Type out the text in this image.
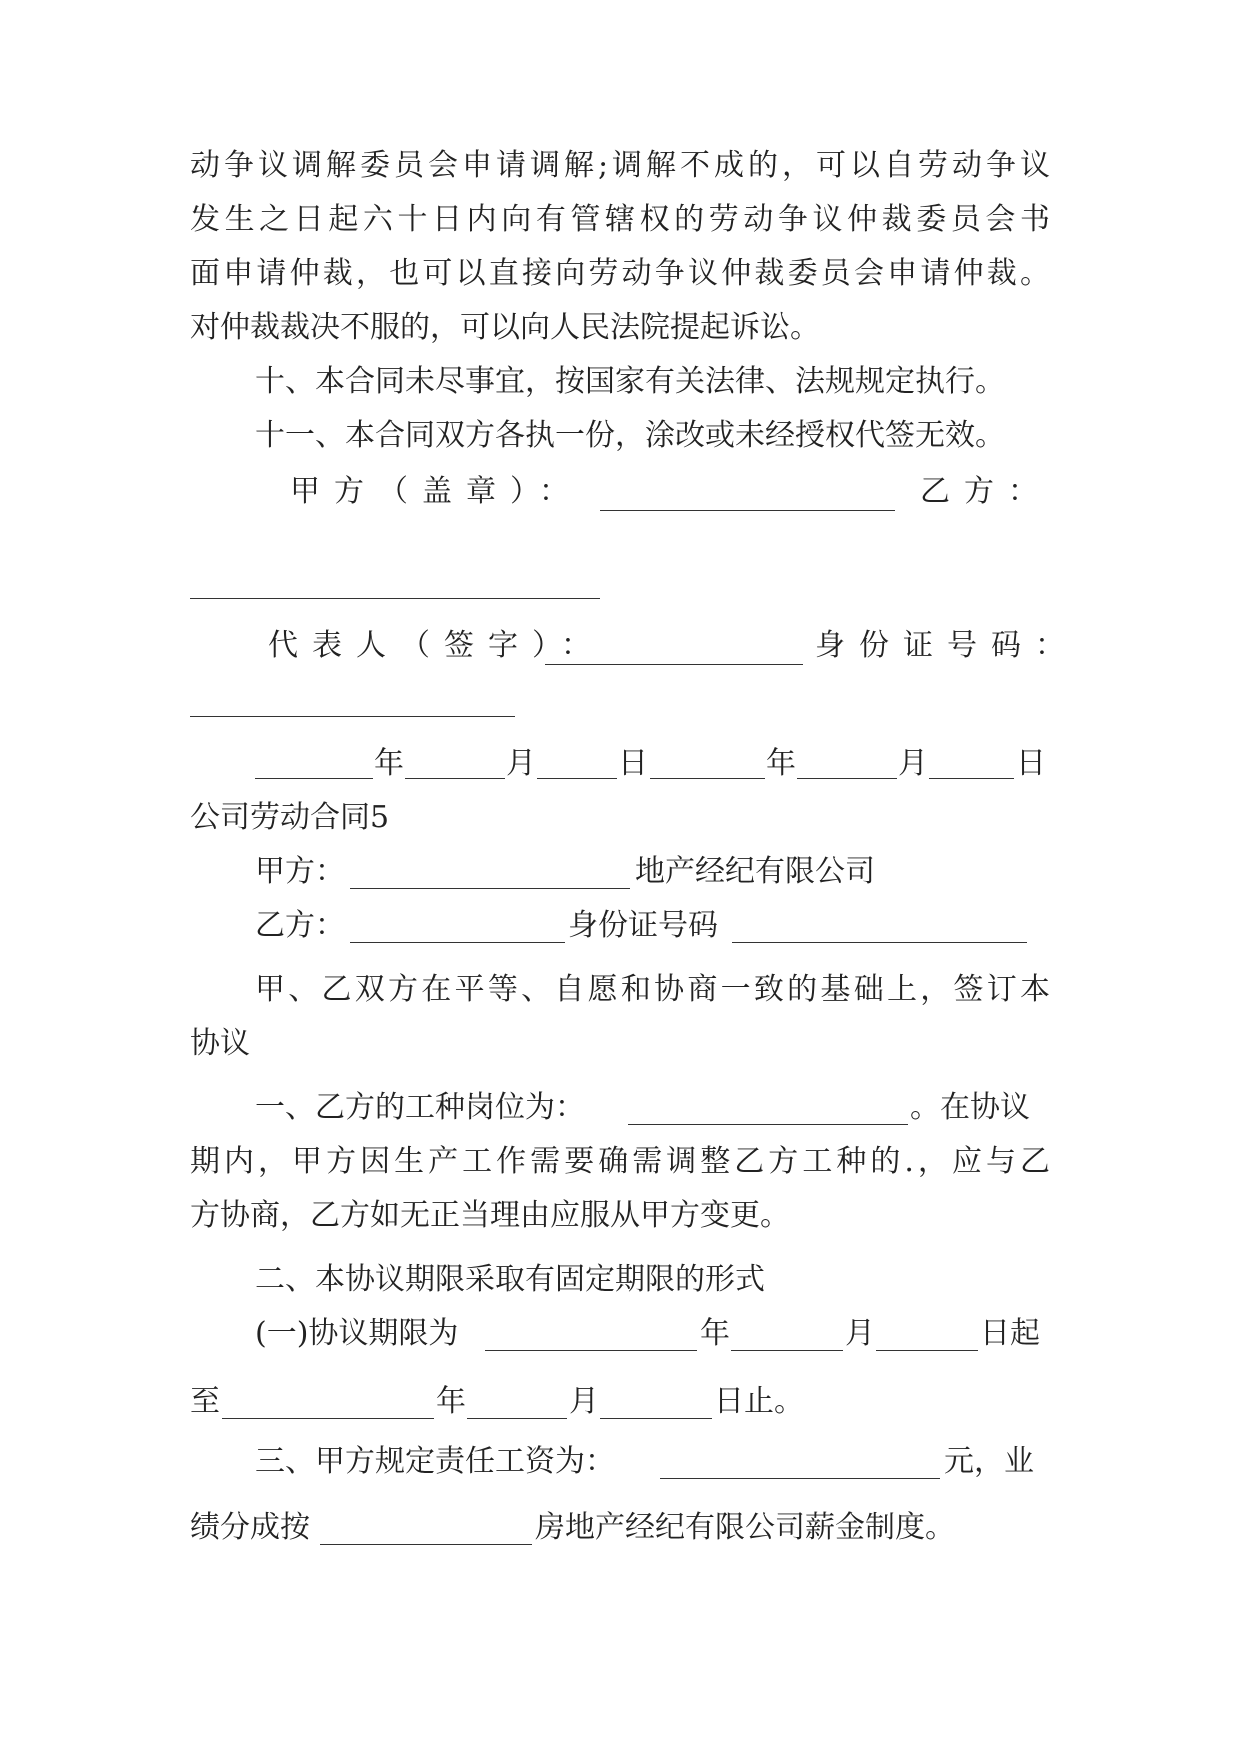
动争议调解委员会申请调解;调解不成的，可以自劳动争议
发生之日起六十日内向有管辖权的劳动争议仲裁委员会书
面申请仲裁，也可以直接向劳动争议仲裁委员会申请仲裁。
对仲裁裁决不服的，可以向人民法院提起诉讼。
十、本合同未尽事宜，按国家有关法律、法规规定执行。
十一、本合同双方各执一份，涂改或未经授权代签无效。
甲方（盖章）：	乙方：
代表人（签字）：	身份证号码：
年	月	日	年	月	日
公司劳动合同5
甲方：	地产经纪有限公司
乙方：	身份证号码
甲、乙双方在平等、自愿和协商一致的基础上，签订本
协议
一、乙方的工种岗位为：	。在协议
期内，甲方因生产工作需要确需调整乙方工种的.，应与乙
方协商，乙方如无正当理由应服从甲方变更。
二、本协议期限采取有固定期限的形式
(一)协议期限为	年	月	日起
至	年	月	日止。
三、甲方规定责任工资为：	元，业
绩分成按	房地产经纪有限公司薪金制度。
